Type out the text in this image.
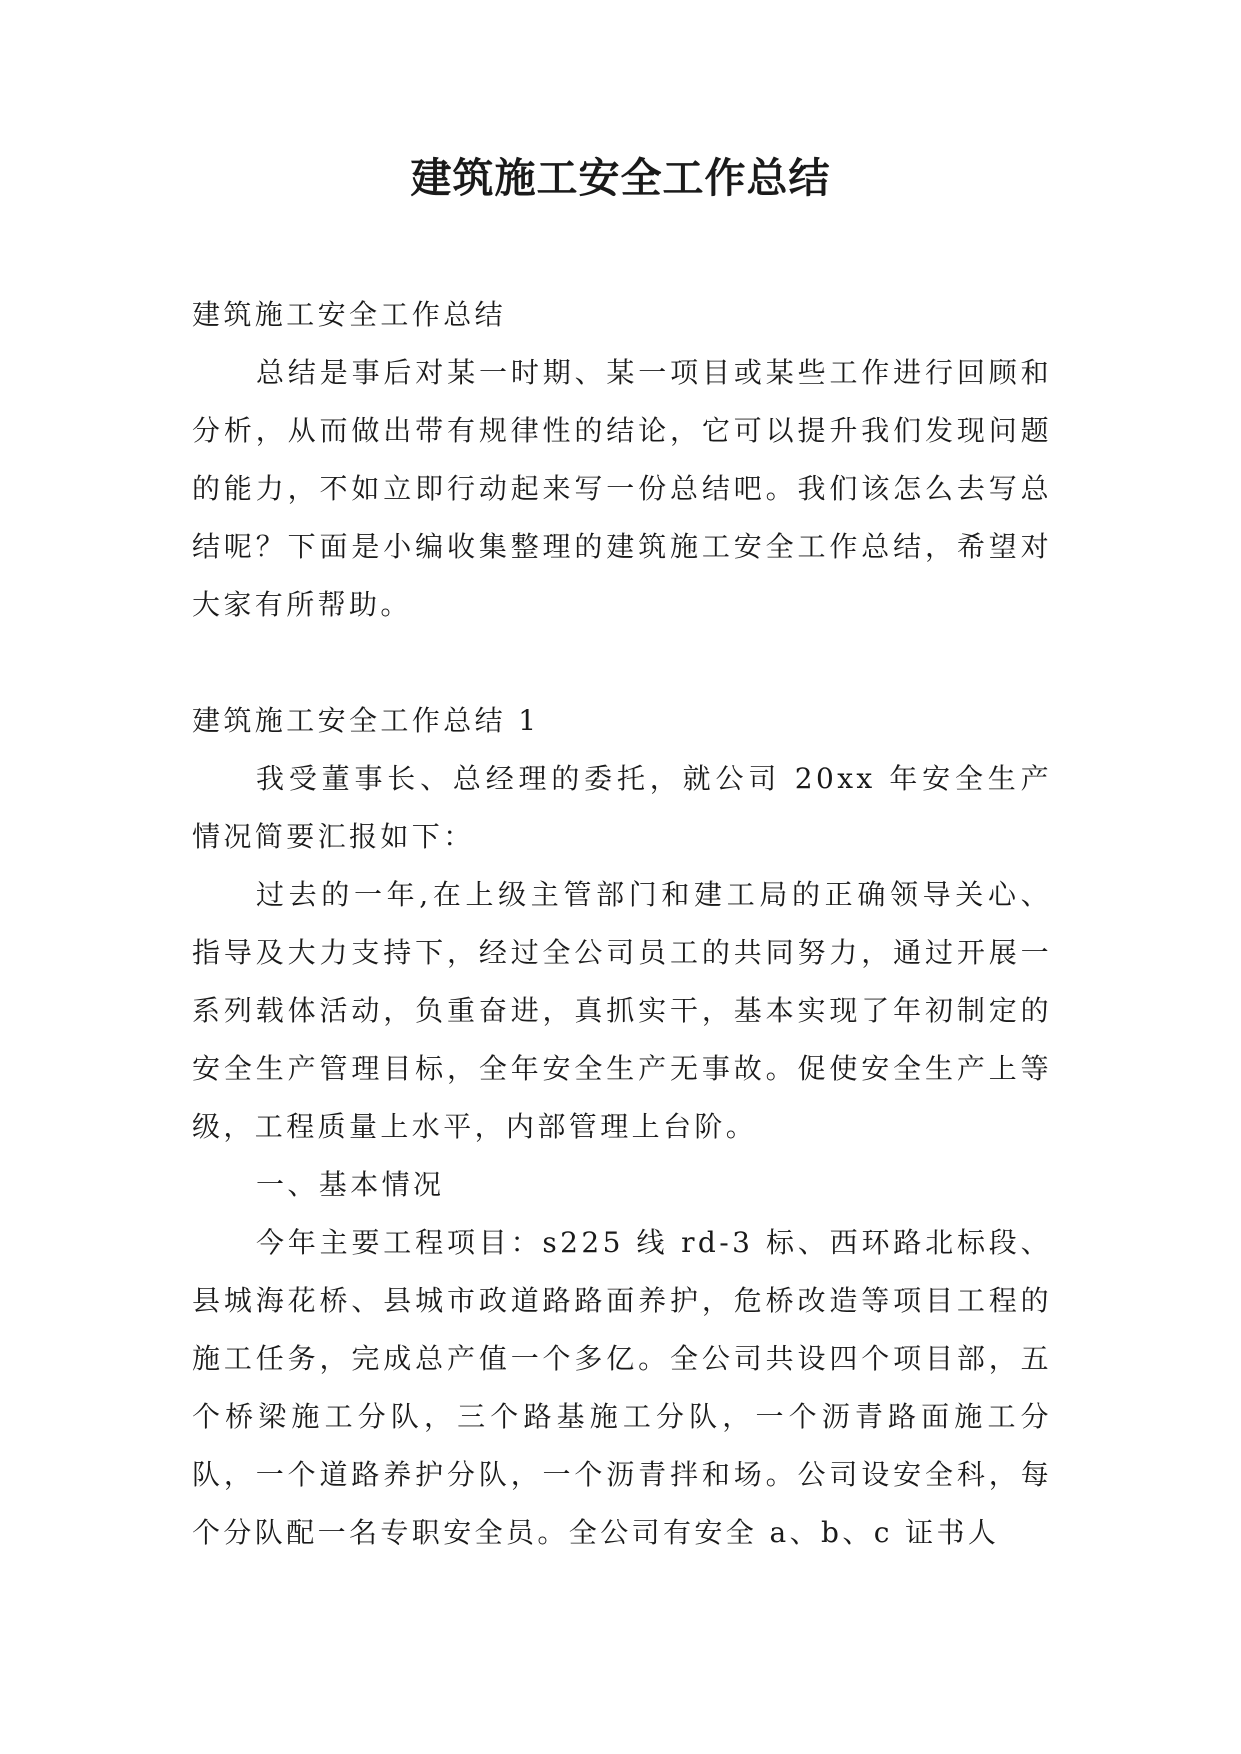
建筑施工安全工作总结

建筑施工安全工作总结

总结是事后对某一时期、某一项目或某些工作进行回顾和分析，从而做出带有规律性的结论，它可以提升我们发现问题的能力，不如立即行动起来写一份总结吧。我们该怎么去写总结呢？下面是小编收集整理的建筑施工安全工作总结，希望对大家有所帮助。

建筑施工安全工作总结 1

我受董事长、总经理的委托，就公司 20xx 年安全生产情况简要汇报如下：

过去的一年,在上级主管部门和建工局的正确领导关心、指导及大力支持下，经过全公司员工的共同努力，通过开展一系列载体活动，负重奋进，真抓实干，基本实现了年初制定的安全生产管理目标，全年安全生产无事故。促使安全生产上等级，工程质量上水平，内部管理上台阶。

一、基本情况

今年主要工程项目：s225 线 rd-3 标、西环路北标段、县城海花桥、县城市政道路路面养护，危桥改造等项目工程的施工任务，完成总产值一个多亿。全公司共设四个项目部，五个桥梁施工分队，三个路基施工分队，一个沥青路面施工分队，一个道路养护分队，一个沥青拌和场。公司设安全科，每个分队配一名专职安全员。全公司有安全 a、b、c 证书人
